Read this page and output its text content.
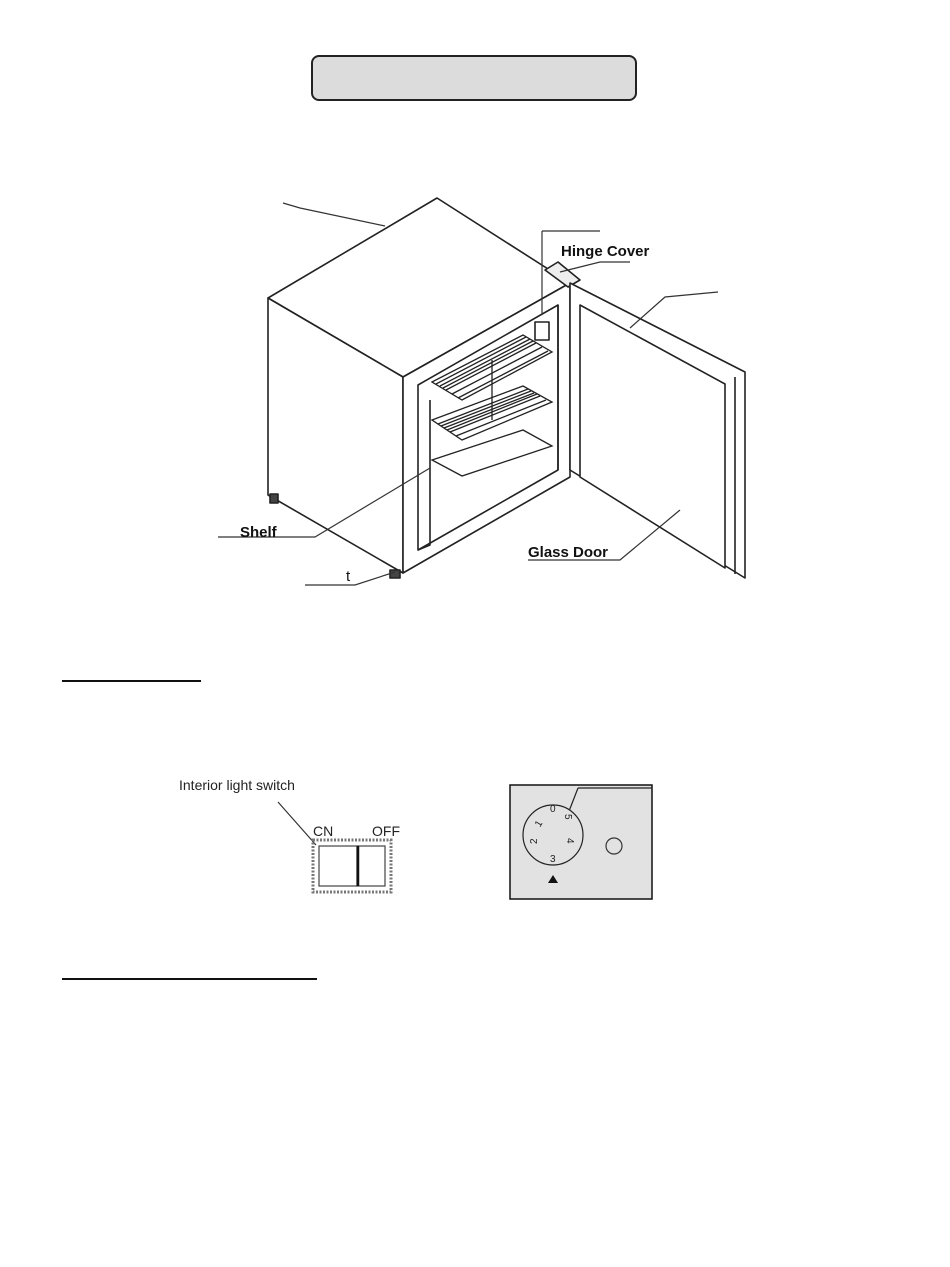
Hinge Cover
Shelf
Glass Door
t
Interior light switch
CN	OFF
0
5
4
3
2
1
